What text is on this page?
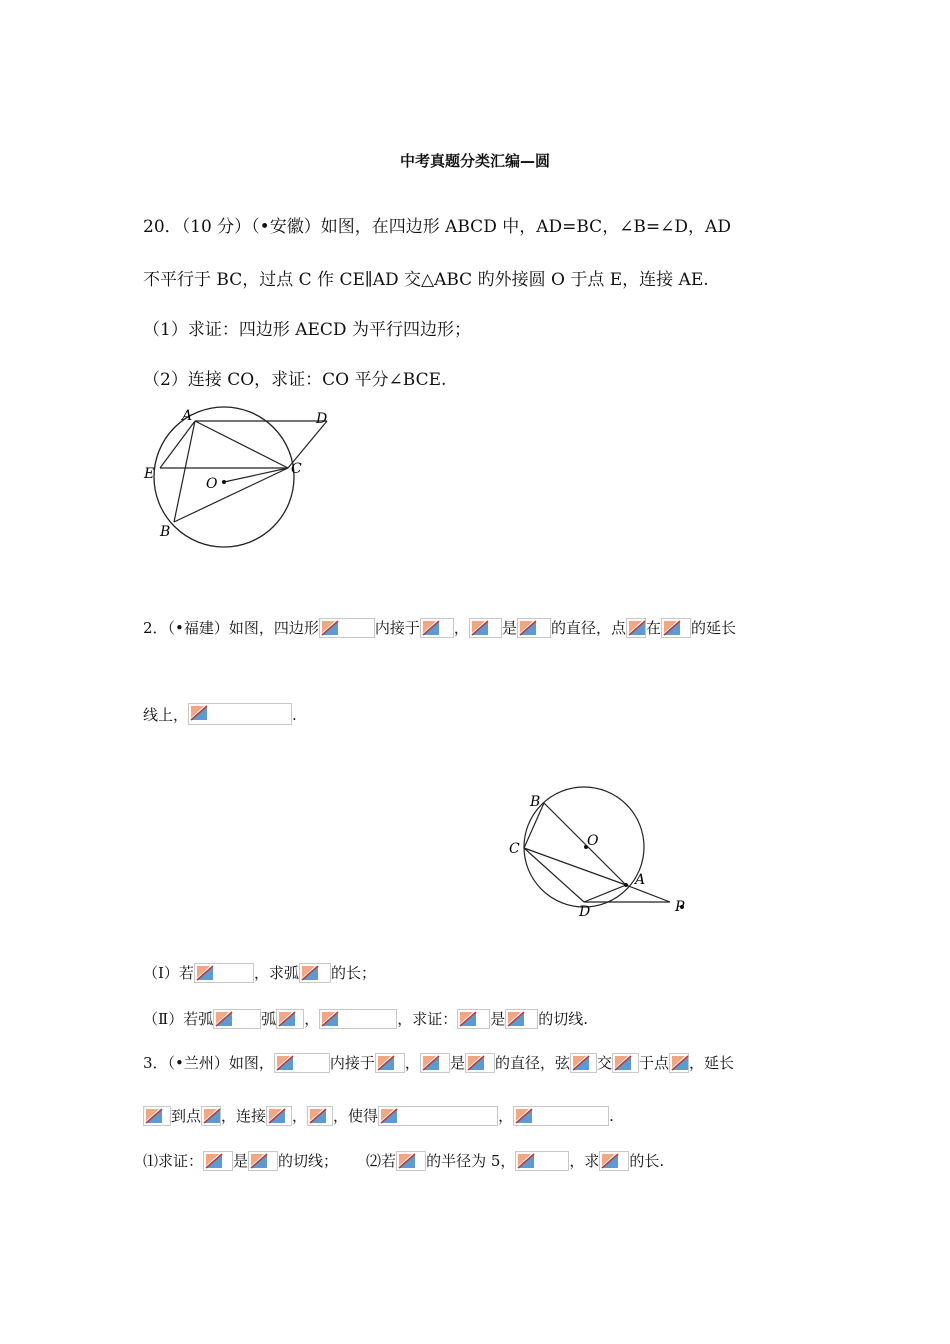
中考真题分类汇编—圆
20．（10 分）（•安徽）如图，在四边形 ABCD 中，AD=BC，∠B=∠D，AD
不平行于 BC，过点 C 作 CE∥AD 交△ABC 旳外接圆 O 于点 E，连接 AE.
（1）求证：四边形 AECD 为平行四边形；
（2）连接 CO，求证：CO 平分∠BCE.
A	D
E	C
O
B
2．（•福建）如图，四边形	内接于 ， 是 的直径，点 在 的延长
线上，	.
B
O
C
A
D	P
（Ⅰ）若	，求弧 的长；
（Ⅱ）若弧	弧 ，	，求证： 是 的切线.
3．（•兰州）如图，	内接于 ， 是 的直径，弦 交 于点 ，延长
到点 ，连接 ， ，使得	，	.
⑴求证： 是 的切线； ⑵若 的半径为 5，	，求 的长.
